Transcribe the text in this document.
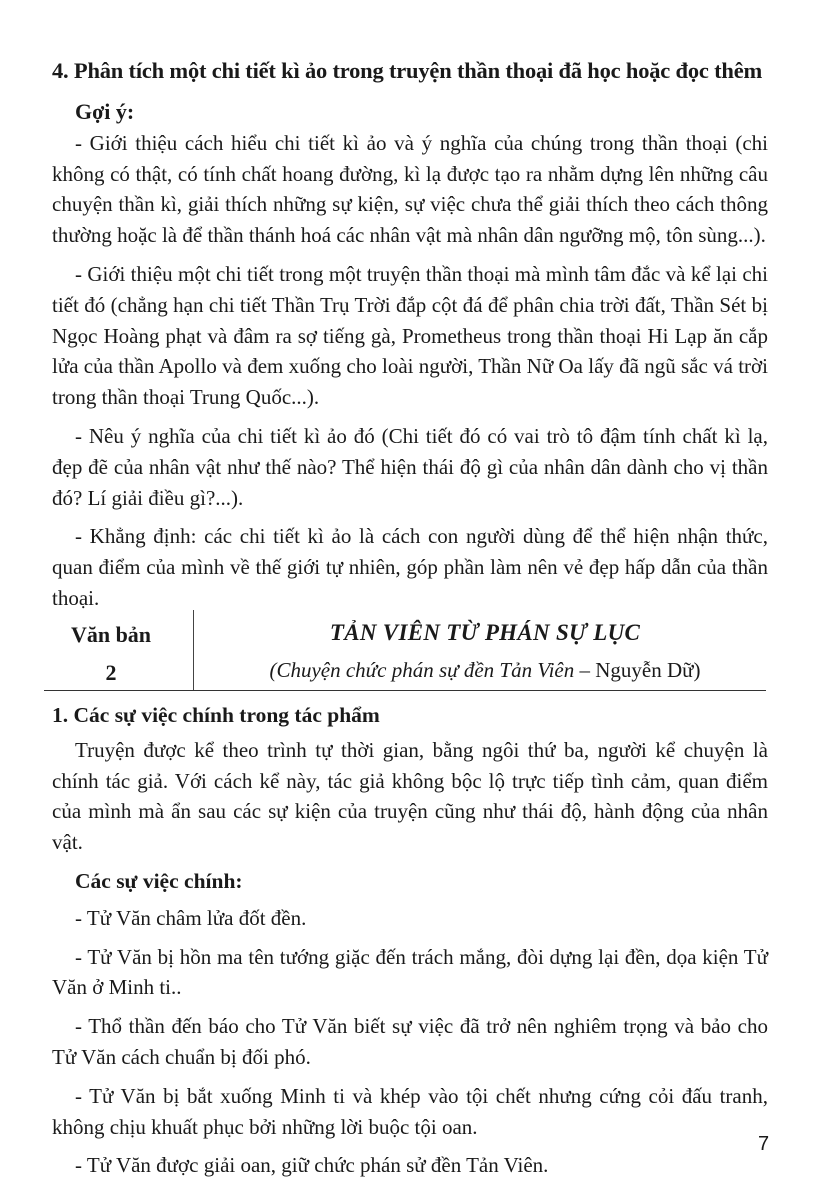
4. Phân tích một chi tiết kì ảo trong truyện thần thoại đã học hoặc đọc thêm
Gợi ý:

- Giới thiệu cách hiểu chi tiết kì ảo và ý nghĩa của chúng trong thần thoại (chi không có thật, có tính chất hoang đường, kì lạ được tạo ra nhằm dựng lên những câu chuyện thần kì, giải thích những sự kiện, sự việc chưa thể giải thích theo cách thông thường hoặc là để thần thánh hoá các nhân vật mà nhân dân ngưỡng mộ, tôn sùng...).

- Giới thiệu một chi tiết trong một truyện thần thoại mà mình tâm đắc và kể lại chi tiết đó (chẳng hạn chi tiết Thần Trụ Trời đắp cột đá để phân chia trời đất, Thần Sét bị Ngọc Hoàng phạt và đâm ra sợ tiếng gà, Prometheus trong thần thoại Hi Lạp ăn cắp lửa của thần Apollo và đem xuống cho loài người, Thần Nữ Oa lấy đã ngũ sắc vá trời trong thần thoại Trung Quốc...).

- Nêu ý nghĩa của chi tiết kì ảo đó (Chi tiết đó có vai trò tô đậm tính chất kì lạ, đẹp đẽ của nhân vật như thế nào? Thể hiện thái độ gì của nhân dân dành cho vị thần đó? Lí giải điều gì?...).

- Khẳng định: các chi tiết kì ảo là cách con người dùng để thể hiện nhận thức, quan điểm của mình về thế giới tự nhiên, góp phần làm nên vẻ đẹp hấp dẫn của thần thoại.

Văn bản
2
TẢN VIÊN TỪ PHÁN SỰ LỤC
(Chuyện chức phán sự đền Tản Viên – Nguyễn Dữ)
1. Các sự việc chính trong tác phẩm

Truyện được kể theo trình tự thời gian, bằng ngôi thứ ba, người kể chuyện là chính tác giả. Với cách kể này, tác giả không bộc lộ trực tiếp tình cảm, quan điểm của mình mà ẩn sau các sự kiện của truyện cũng như thái độ, hành động của nhân vật.

Các sự việc chính:

- Tử Văn châm lửa đốt đền.

- Tử Văn bị hồn ma tên tướng giặc đến trách mắng, đòi dựng lại đền, dọa kiện Tử Văn ở Minh ti..

- Thổ thần đến báo cho Tử Văn biết sự việc đã trở nên nghiêm trọng và bảo cho Tử Văn cách chuẩn bị đối phó.

- Tử Văn bị bắt xuống Minh ti và khép vào tội chết nhưng cứng cỏi đấu tranh, không chịu khuất phục bởi những lời buộc tội oan.

- Tử Văn được giải oan, giữ chức phán sử đền Tản Viên.

7
